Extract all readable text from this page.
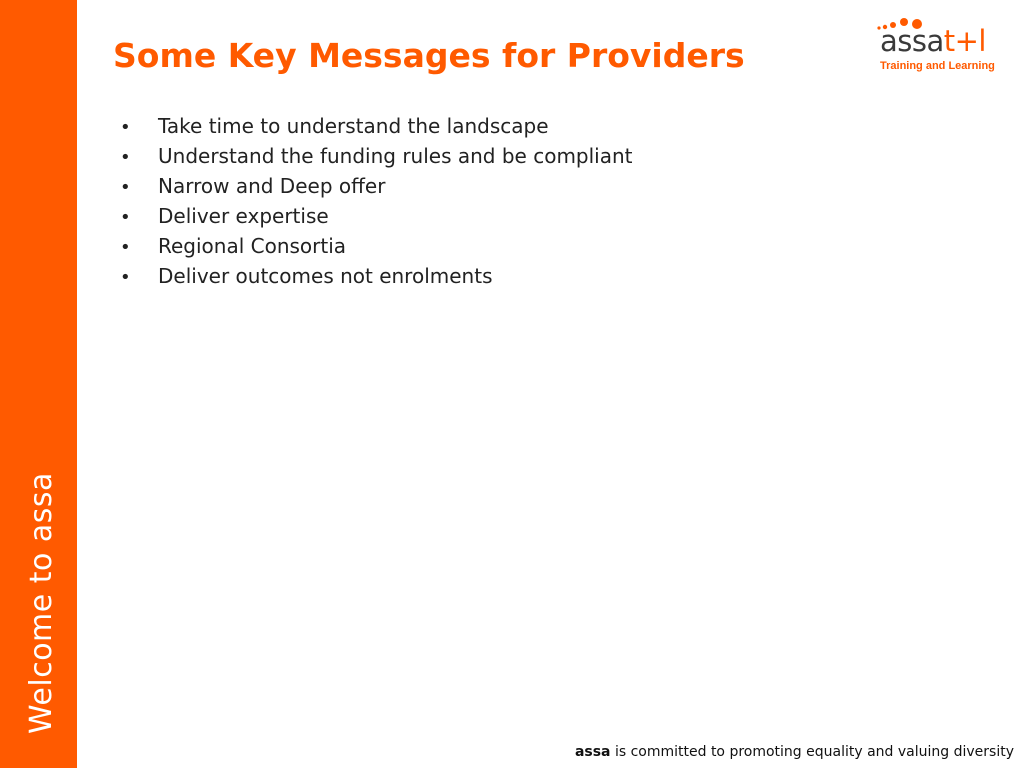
Welcome to assa
Some Key Messages for Providers
•	Take time to understand the landscape
•	Understand the funding rules and be compliant
•	Narrow and Deep offer
•	Deliver expertise
•	Regional Consortia
•	Deliver outcomes not enrolments
assat+l
Training and Learning
assa is committed to promoting equality and valuing diversity
